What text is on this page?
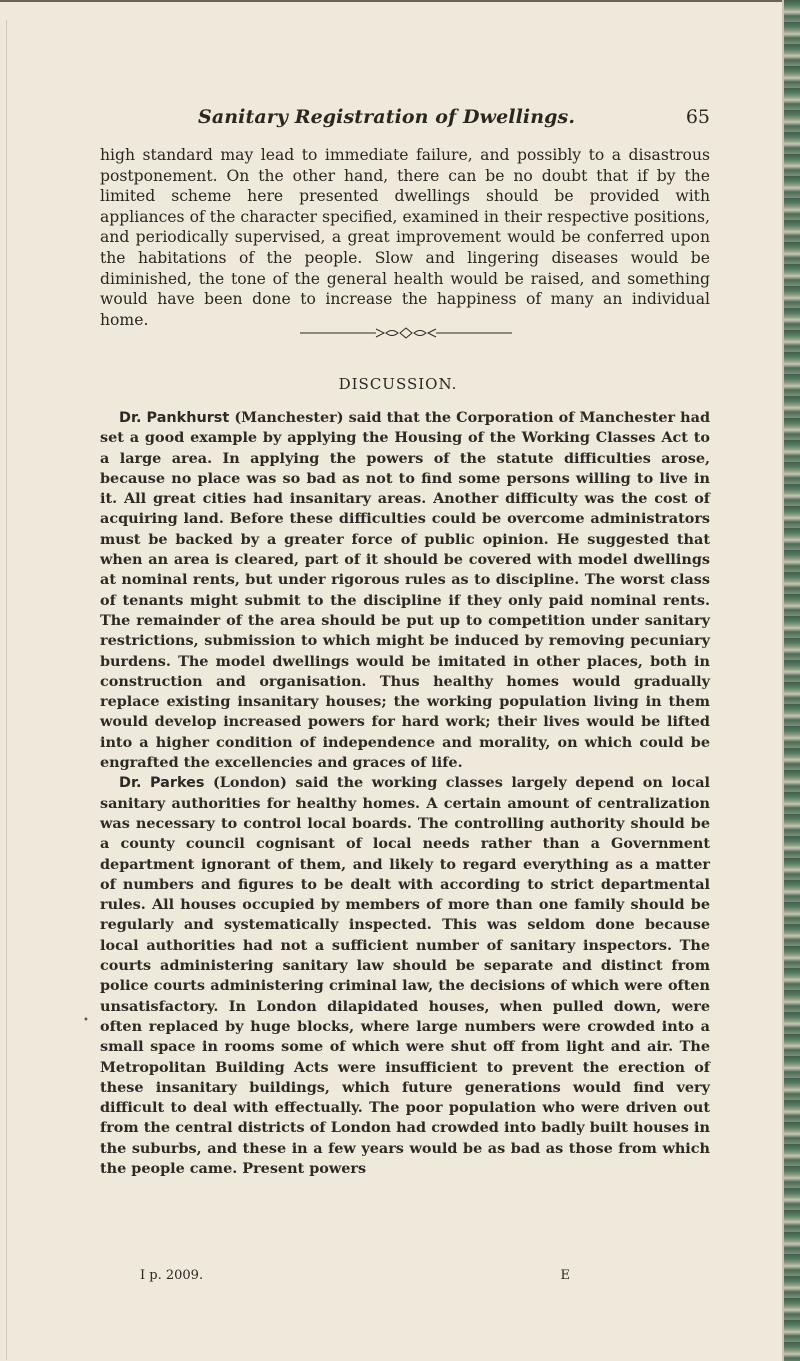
Sanitary Registration of Dwellings.	65

high standard may lead to immediate failure, and possibly to a disastrous postponement. On the other hand, there can be no doubt that if by the limited scheme here presented dwellings should be provided with appliances of the character specified, examined in their respective positions, and periodically supervised, a great improvement would be conferred upon the habitations of the people. Slow and lingering diseases would be diminished, the tone of the general health would be raised, and something would have been done to increase the happiness of many an individual home.

DISCUSSION.

Dr. Pankhurst (Manchester) said that the Corporation of Manchester had set a good example by applying the Housing of the Working Classes Act to a large area. In applying the powers of the statute difficulties arose, because no place was so bad as not to find some persons willing to live in it. All great cities had insanitary areas. Another difficulty was the cost of acquiring land. Before these difficulties could be overcome administrators must be backed by a greater force of public opinion. He suggested that when an area is cleared, part of it should be covered with model dwellings at nominal rents, but under rigorous rules as to discipline. The worst class of tenants might submit to the discipline if they only paid nominal rents. The remainder of the area should be put up to competition under sanitary restrictions, submission to which might be induced by removing pecuniary burdens. The model dwellings would be imitated in other places, both in construction and organisation. Thus healthy homes would gradually replace existing insanitary houses; the working population living in them would develop increased powers for hard work; their lives would be lifted into a higher condition of independence and morality, on which could be engrafted the excellencies and graces of life.

Dr. Parkes (London) said the working classes largely depend on local sanitary authorities for healthy homes. A certain amount of centralization was necessary to control local boards. The controlling authority should be a county council cognisant of local needs rather than a Government department ignorant of them, and likely to regard everything as a matter of numbers and figures to be dealt with according to strict departmental rules. All houses occupied by members of more than one family should be regularly and systematically inspected. This was seldom done because local authorities had not a sufficient number of sanitary inspectors. The courts administering sanitary law should be separate and distinct from police courts administering criminal law, the decisions of which were often unsatisfactory. In London dilapidated houses, when pulled down, were often replaced by huge blocks, where large numbers were crowded into a small space in rooms some of which were shut off from light and air. The Metropolitan Building Acts were insufficient to prevent the erection of these insanitary buildings, which future generations would find very difficult to deal with effectually. The poor population who were driven out from the central districts of London had crowded into badly built houses in the suburbs, and these in a few years would be as bad as those from which the people came. Present powers

•
I p. 2009.	E
